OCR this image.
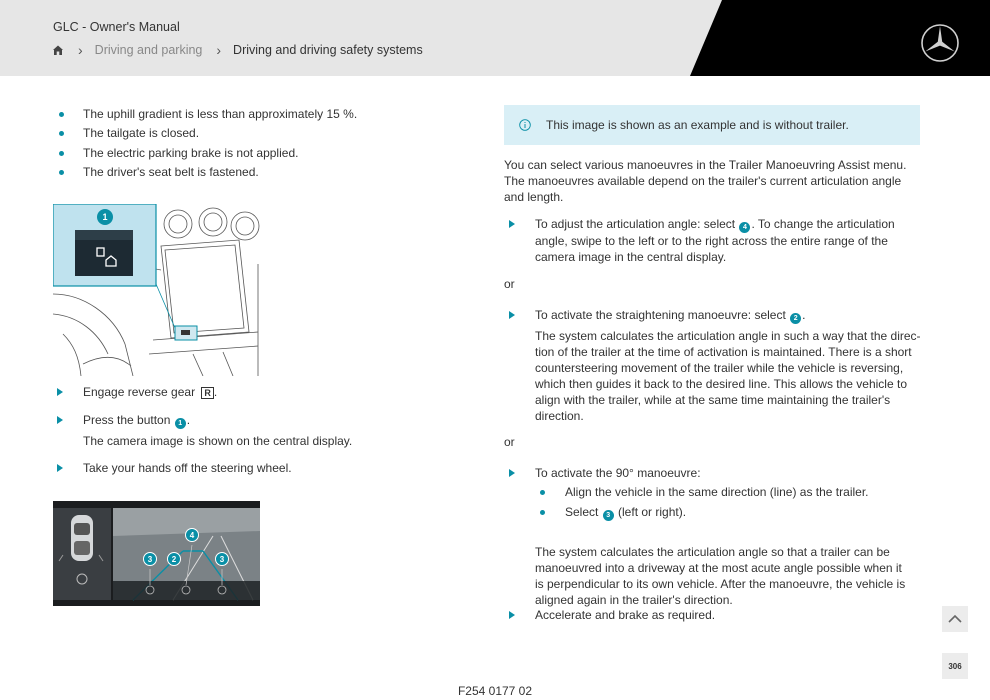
GLC - Owner's Manual
› Driving and parking › Driving and driving safety systems
The uphill gradient is less than approximately 15 %.
The tailgate is closed.
The electric parking brake is not applied.
The driver's seat belt is fastened.
1
Engage reverse gear R .
Press the button 1 .
The camera image is shown on the central display.
Take your hands off the steering wheel.
3	2
4
3
This image is shown as an example and is without trailer.
You can select various manoeuvres in the Trailer Manoeuvring Assist menu. The manoeuvres available depend on the trailer's current articulation angle and length.
To adjust the articulation angle: select 4 . To change the articulation angle, swipe to the left or to the right across the entire range of the camera image in the central display.
or
To activate the straightening manoeuvre: select 2 .
The system calculates the articulation angle in such a way that the direc-tion of the trailer at the time of activation is maintained. There is a short countersteering movement of the trailer while the vehicle is reversing, which then guides it back to the desired line. This allows the vehicle to align with the trailer, while at the same time maintaining the trailer's direction.
or
To activate the 90° manoeuvre:
Align the vehicle in the same direction (line) as the trailer.
Select 3 (left or right).
The system calculates the articulation angle so that a trailer can be manoeuvred into a driveway at the most acute angle possible when it is perpendicular to its own vehicle. After the manoeuvre, the vehicle is aligned again in the trailer's direction.
Accelerate and brake as required.
306
F254 0177 02
